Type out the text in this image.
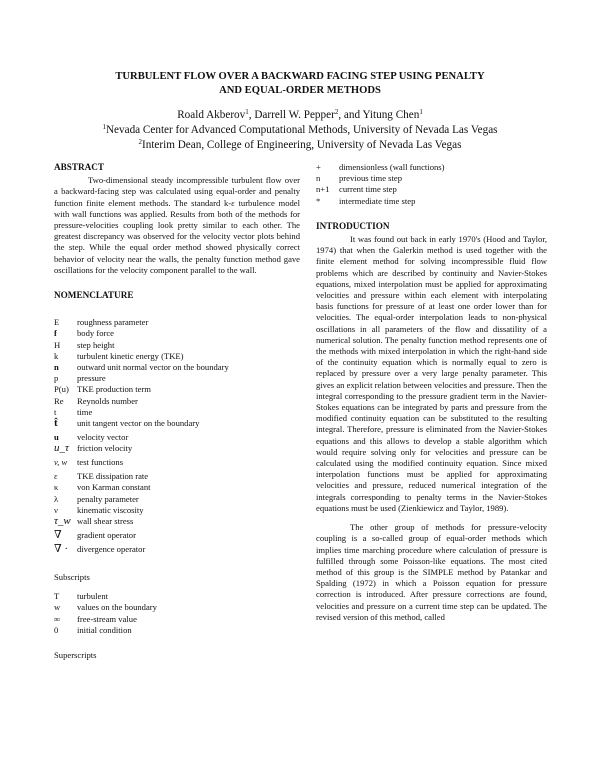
TURBULENT FLOW OVER A BACKWARD FACING STEP USING PENALTY
AND EQUAL-ORDER METHODS
Roald Akberov$^1$, Darrell W. Pepper$^2$, and Yitung Chen$^1$
$^1$Nevada Center for Advanced Computational Methods, University of Nevada Las Vegas
$^2$Interim Dean, College of Engineering, University of Nevada Las Vegas
ABSTRACT

Two-dimensional steady incompressible turbulent flow over a backward-facing step was calculated using equal-order and penalty function finite element methods. The standard k-ε turbulence model with wall functions was applied. Results from both of the methods for pressure-velocities coupling look pretty similar to each other. The greatest discrepancy was observed for the velocity vector plots behind the step. While the equal order method showed physically correct behavior of velocity near the walls, the penalty function method gave oscillations for the velocity component parallel to the wall.

NOMENCLATURE
E	roughness parameter
f	body force
H	step height
k	turbulent kinetic energy (TKE)
n	outward unit normal vector on the boundary
p	pressure
P(u) TKE production term
Re	Reynolds number
t	time
t̂	unit tangent vector on the boundary
u	velocity vector
u_τ friction velocity
v, w	test functions
ε	TKE dissipation rate
κ	von Karman constant
λ	penalty parameter
ν	kinematic viscosity
τ_w wall shear stress
∇	gradient operator
∇ ·	divergence operator
Subscripts
T	turbulent
w	values on the boundary
∞	free-stream value
0	initial condition
Superscripts
+	dimensionless (wall functions)
n	previous time step
n+1	current time step
*	intermediate time step
INTRODUCTION

It was found out back in early 1970's (Hood and Taylor, 1974) that when the Galerkin method is used together with the finite element method for solving incompressible fluid flow problems which are described by continuity and Navier-Stokes equations, mixed interpolation must be applied for approximating velocities and pressure within each element with interpolating basis functions for pressure of at least one order lower than for velocities. The equal-order interpolation leads to non-physical oscillations in all parameters of the flow and dissatility of a numerical solution. The penalty function method represents one of the methods with mixed interpolation in which the right-hand side of the continuity equation which is normally equal to zero is replaced by pressure over a very large penalty parameter. This gives an explicit relation between velocities and pressure. Then the integral corresponding to the pressure gradient term in the Navier-Stokes equations can be integrated by parts and pressure from the modified continuity equation can be substituted to the resulting integral. Therefore, pressure is eliminated from the Navier-Stokes equations and this allows to develop a stable algorithm which would require solving only for velocities and pressure can be calculated using the modified continuity equation. Since mixed interpolation functions must be applied for approximating velocities and pressure, reduced numerical integration of the integrals corresponding to penalty terms in the Navier-Stokes equations must be used (Zienkiewicz and Taylor, 1989).

The other group of methods for pressure-velocity coupling is a so-called group of equal-order methods which implies time marching procedure where calculation of pressure is fulfilled through some Poisson-like equations. The most cited method of this group is the SIMPLE method by Patankar and Spalding (1972) in which a Poisson equation for pressure correction is introduced. After pressure corrections are found, velocities and pressure on a current time step can be updated. The revised version of this method, called
